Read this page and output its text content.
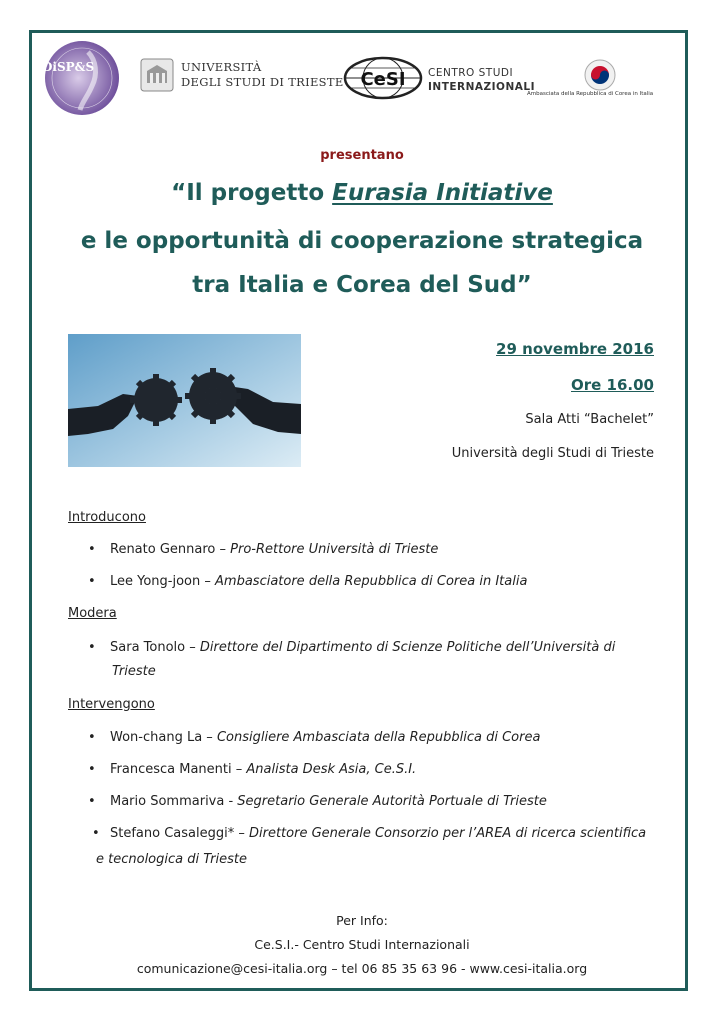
DiSP&S	UNIVERSITÀ
DEGLI STUDI DI TRIESTE CeSI CENTRO STUDI
INTERNAZIONALI
Ambasciata della Repubblica di Corea in Italia
presentano
“Il progetto Eurasia Initiative
e le opportunità di cooperazione strategica
tra Italia e Corea del Sud”
29 novembre 2016
Ore 16.00
Sala Atti “Bachelet”
Università degli Studi di Trieste
Introducono
• Renato Gennaro – Pro-Rettore Università di Trieste
• Lee Yong-joon – Ambasciatore della Repubblica di Corea in Italia
Modera
• Sara Tonolo – Direttore del Dipartimento di Scienze Politiche dell’Università di
Trieste
Intervengono
• Won-chang La – Consigliere Ambasciata della Repubblica di Corea
• Francesca Manenti – Analista Desk Asia, Ce.S.I.
• Mario Sommariva - Segretario Generale Autorità Portuale di Trieste
• Stefano Casaleggi* – Direttore Generale Consorzio per l’AREA di ricerca scientifica
e tecnologica di Trieste
Per Info:
Ce.S.I.- Centro Studi Internazionali
comunicazione@cesi-italia.org – tel 06 85 35 63 96 - www.cesi-italia.org
